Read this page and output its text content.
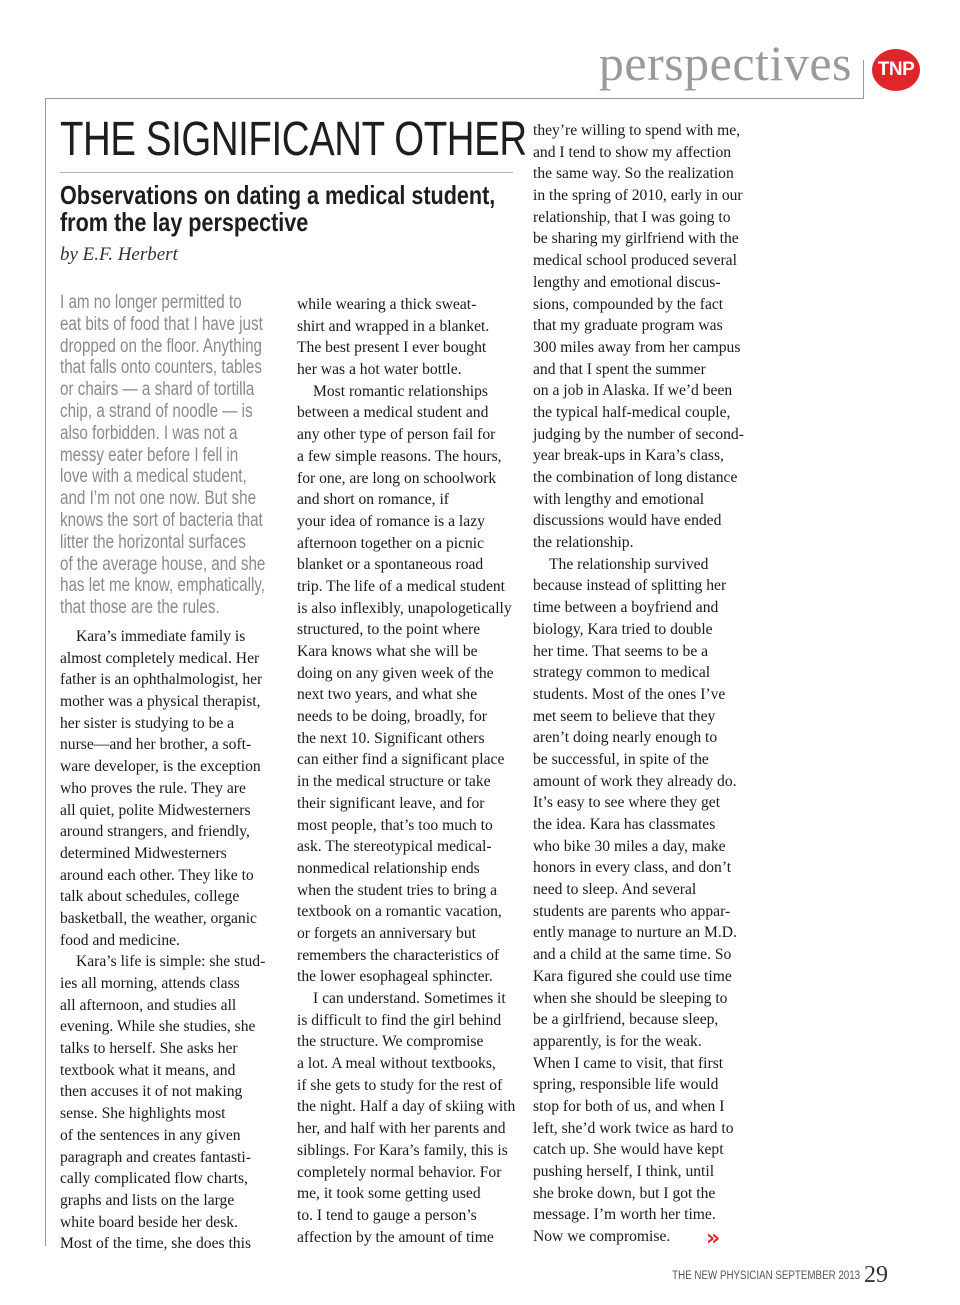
perspectives	TNP
THE SIGNIFICANT OTHER
Observations on dating a medical student,
from the lay perspective
by E.F. Herbert
I am no longer permitted to
eat bits of food that I have just
dropped on the floor. Anything
that falls onto counters, tables
or chairs — a shard of tortilla
chip, a strand of noodle — is
also forbidden. I was not a
messy eater before I fell in
love with a medical student,
and I’m not one now. But she
knows the sort of bacteria that
litter the horizontal surfaces
of the average house, and she
has let me know, emphatically,
that those are the rules.
Kara’s immediate family is
almost completely medical. Her
father is an ophthalmologist, her
mother was a physical therapist,
her sister is studying to be a
nurse—and her brother, a soft-
ware developer, is the exception
who proves the rule. They are
all quiet, polite Midwesterners
around strangers, and friendly,
determined Midwesterners
around each other. They like to
talk about schedules, college
basketball, the weather, organic
food and medicine.
Kara’s life is simple: she stud-
ies all morning, attends class
all afternoon, and studies all
evening. While she studies, she
talks to herself. She asks her
textbook what it means, and
then accuses it of not making
sense. She highlights most
of the sentences in any given
paragraph and creates fantasti-
cally complicated flow charts,
graphs and lists on the large
white board beside her desk.
Most of the time, she does this
while wearing a thick sweat-
shirt and wrapped in a blanket.
The best present I ever bought
her was a hot water bottle.
Most romantic relationships
between a medical student and
any other type of person fail for
a few simple reasons. The hours,
for one, are long on schoolwork
and short on romance, if
your idea of romance is a lazy
afternoon together on a picnic
blanket or a spontaneous road
trip. The life of a medical student
is also inflexibly, unapologetically
structured, to the point where
Kara knows what she will be
doing on any given week of the
next two years, and what she
needs to be doing, broadly, for
the next 10. Significant others
can either find a significant place
in the medical structure or take
their significant leave, and for
most people, that’s too much to
ask. The stereotypical medical-
nonmedical relationship ends
when the student tries to bring a
textbook on a romantic vacation,
or forgets an anniversary but
remembers the characteristics of
the lower esophageal sphincter.
I can understand. Sometimes it
is difficult to find the girl behind
the structure. We compromise
a lot. A meal without textbooks,
if she gets to study for the rest of
the night. Half a day of skiing with
her, and half with her parents and
siblings. For Kara’s family, this is
completely normal behavior. For
me, it took some getting used
to. I tend to gauge a person’s
affection by the amount of time
they’re willing to spend with me,
and I tend to show my affection
the same way. So the realization
in the spring of 2010, early in our
relationship, that I was going to
be sharing my girlfriend with the
medical school produced several
lengthy and emotional discus-
sions, compounded by the fact
that my graduate program was
300 miles away from her campus
and that I spent the summer
on a job in Alaska. If we’d been
the typical half-medical couple,
judging by the number of second-
year break-ups in Kara’s class,
the combination of long distance
with lengthy and emotional
discussions would have ended
the relationship.
The relationship survived
because instead of splitting her
time between a boyfriend and
biology, Kara tried to double
her time. That seems to be a
strategy common to medical
students. Most of the ones I’ve
met seem to believe that they
aren’t doing nearly enough to
be successful, in spite of the
amount of work they already do.
It’s easy to see where they get
the idea. Kara has classmates
who bike 30 miles a day, make
honors in every class, and don’t
need to sleep. And several
students are parents who appar-
ently manage to nurture an M.D.
and a child at the same time. So
Kara figured she could use time
when she should be sleeping to
be a girlfriend, because sleep,
apparently, is for the weak.
When I came to visit, that first
spring, responsible life would
stop for both of us, and when I
left, she’d work twice as hard to
catch up. She would have kept
pushing herself, I think, until
she broke down, but I got the
message. I’m worth her time.
Now we compromise.	»
THE NEW PHYSICIAN SEPTEMBER 2013 29
